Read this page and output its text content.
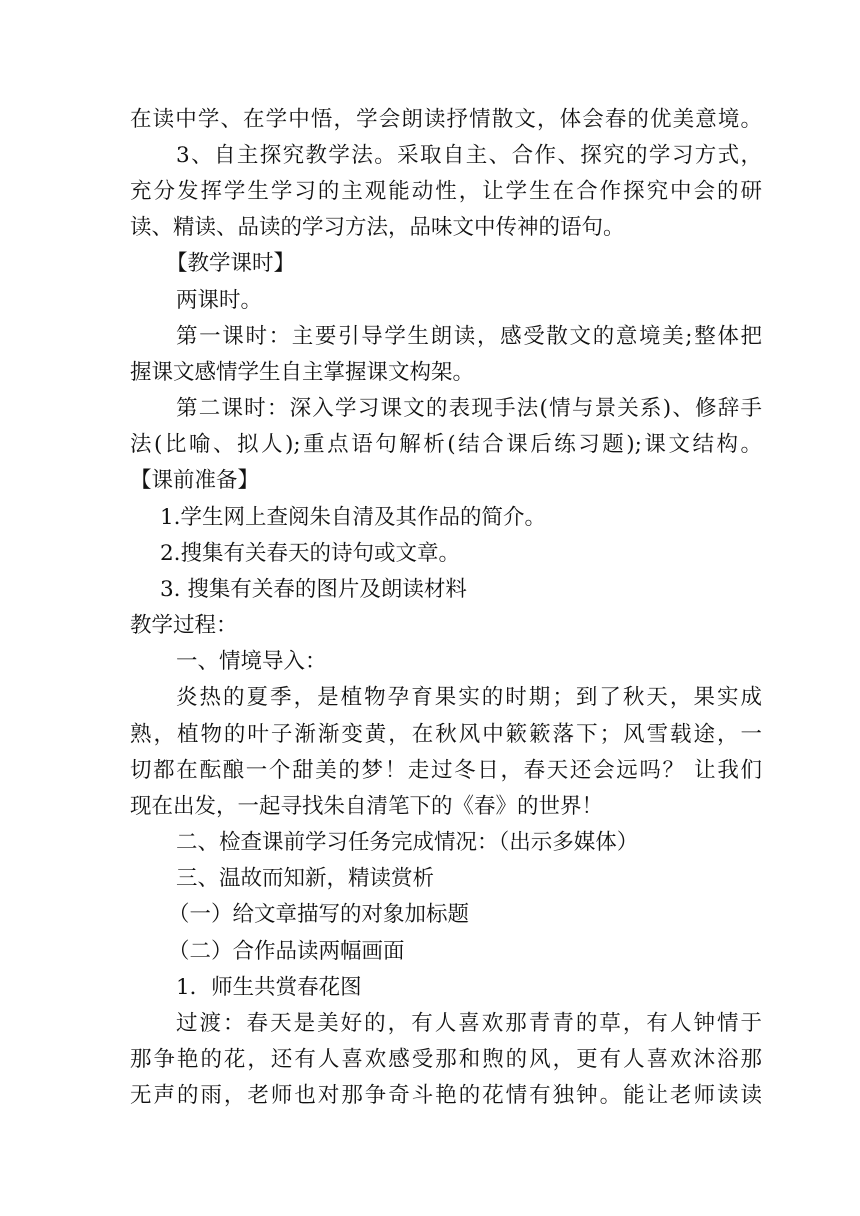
在读中学、在学中悟，学会朗读抒情散文，体会春的优美意境。
3、自主探究教学法。采取自主、合作、探究的学习方式，
充分发挥学生学习的主观能动性，让学生在合作探究中会的研
读、精读、品读的学习方法，品味文中传神的语句。
【教学课时】
两课时。
第一课时：主要引导学生朗读，感受散文的意境美;整体把
握课文感情学生自主掌握课文构架。
第二课时：深入学习课文的表现手法(情与景关系)、修辞手
法(比喻、拟人);重点语句解析(结合课后练习题);课文结构。
【课前准备】
1.学生网上查阅朱自清及其作品的简介。
2.搜集有关春天的诗句或文章。
3. 搜集有关春的图片及朗读材料
教学过程：
一、情境导入：
炎热的夏季，是植物孕育果实的时期；到了秋天，果实成
熟，植物的叶子渐渐变黄，在秋风中簌簌落下；风雪载途，一
切都在酝酿一个甜美的梦！走过冬日，春天还会远吗？ 让我们
现在出发，一起寻找朱自清笔下的《春》的世界！
二、检查课前学习任务完成情况：（出示多媒体）
三、温故而知新，精读赏析
（一）给文章描写的对象加标题
（二）合作品读两幅画面
1．师生共赏春花图
过渡：春天是美好的，有人喜欢那青青的草，有人钟情于
那争艳的花，还有人喜欢感受那和煦的风，更有人喜欢沐浴那
无声的雨，老师也对那争奇斗艳的花情有独钟。能让老师读读
